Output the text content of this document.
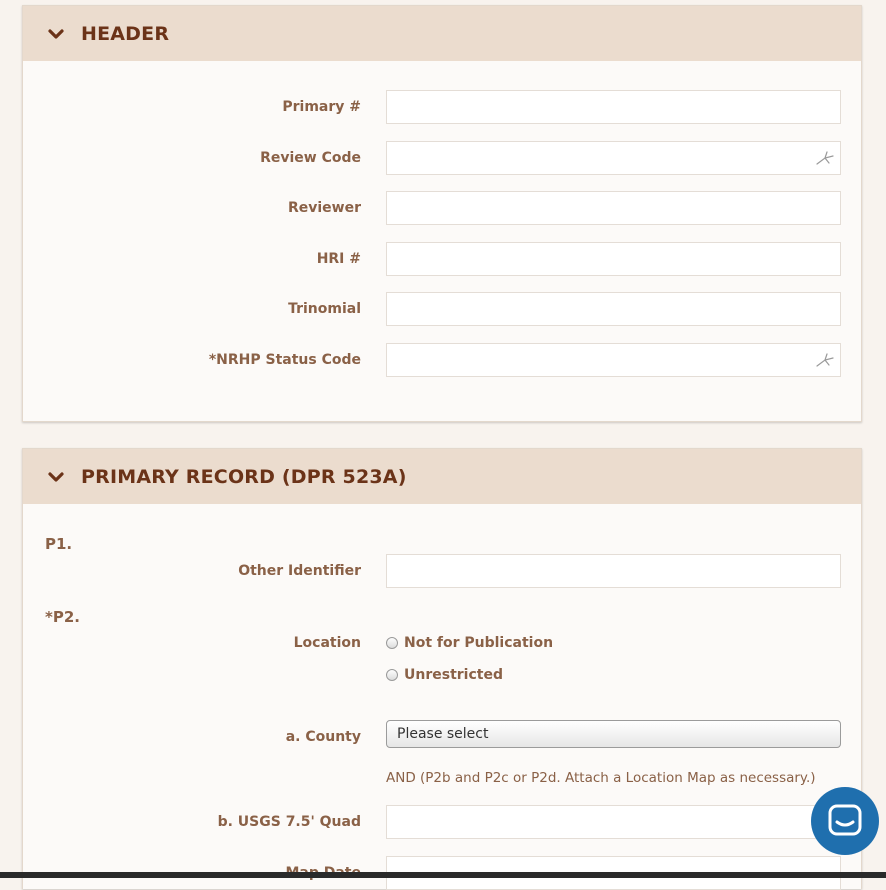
HEADER
Primary #
Review Code
Reviewer
HRI #
Trinomial
*NRHP Status Code
PRIMARY RECORD (DPR 523A)
P1.
Other Identifier
*P2.
Location	Not for Publication
Unrestricted
a. County	Please select
AND (P2b and P2c or P2d. Attach a Location Map as necessary.)
b. USGS 7.5' Quad
